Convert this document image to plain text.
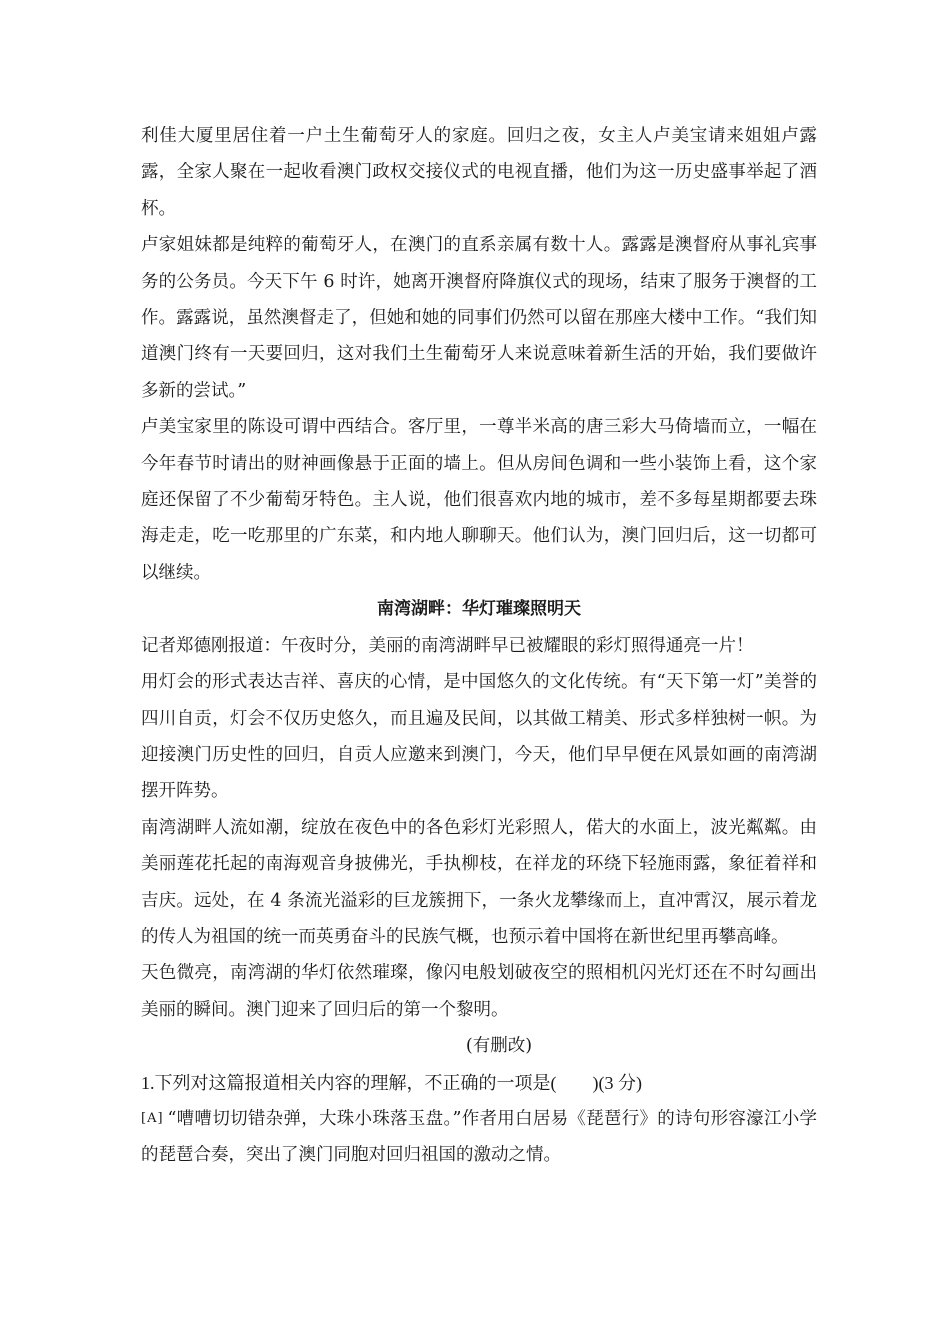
利佳大厦里居住着一户土生葡萄牙人的家庭。回归之夜，女主人卢美宝请来姐姐卢露露，全家人聚在一起收看澳门政权交接仪式的电视直播，他们为这一历史盛事举起了酒杯。

卢家姐妹都是纯粹的葡萄牙人，在澳门的直系亲属有数十人。露露是澳督府从事礼宾事务的公务员。今天下午 6 时许，她离开澳督府降旗仪式的现场，结束了服务于澳督的工作。露露说，虽然澳督走了，但她和她的同事们仍然可以留在那座大楼中工作。“我们知道澳门终有一天要回归，这对我们土生葡萄牙人来说意味着新生活的开始，我们要做许多新的尝试。”

卢美宝家里的陈设可谓中西结合。客厅里，一尊半米高的唐三彩大马倚墙而立，一幅在今年春节时请出的财神画像悬于正面的墙上。但从房间色调和一些小装饰上看，这个家庭还保留了不少葡萄牙特色。主人说，他们很喜欢内地的城市，差不多每星期都要去珠海走走，吃一吃那里的广东菜，和内地人聊聊天。他们认为，澳门回归后，这一切都可以继续。

南湾湖畔：华灯璀璨照明天

记者郑德刚报道：午夜时分，美丽的南湾湖畔早已被耀眼的彩灯照得通亮一片！

用灯会的形式表达吉祥、喜庆的心情，是中国悠久的文化传统。有“天下第一灯”美誉的四川自贡，灯会不仅历史悠久，而且遍及民间，以其做工精美、形式多样独树一帜。为迎接澳门历史性的回归，自贡人应邀来到澳门，今天，他们早早便在风景如画的南湾湖摆开阵势。

南湾湖畔人流如潮，绽放在夜色中的各色彩灯光彩照人，偌大的水面上，波光粼粼。由美丽莲花托起的南海观音身披佛光，手执柳枝，在祥龙的环绕下轻施雨露，象征着祥和吉庆。远处，在 4 条流光溢彩的巨龙簇拥下，一条火龙攀缘而上，直冲霄汉，展示着龙的传人为祖国的统一而英勇奋斗的民族气概，也预示着中国将在新世纪里再攀高峰。

天色微亮，南湾湖的华灯依然璀璨，像闪电般划破夜空的照相机闪光灯还在不时勾画出美丽的瞬间。澳门迎来了回归后的第一个黎明。

(有删改)

1.下列对这篇报道相关内容的理解，不正确的一项是(　　)(3 分)

[A] “嘈嘈切切错杂弹，大珠小珠落玉盘。”作者用白居易《琵琶行》的诗句形容濠江小学的琵琶合奏，突出了澳门同胞对回归祖国的激动之情。
